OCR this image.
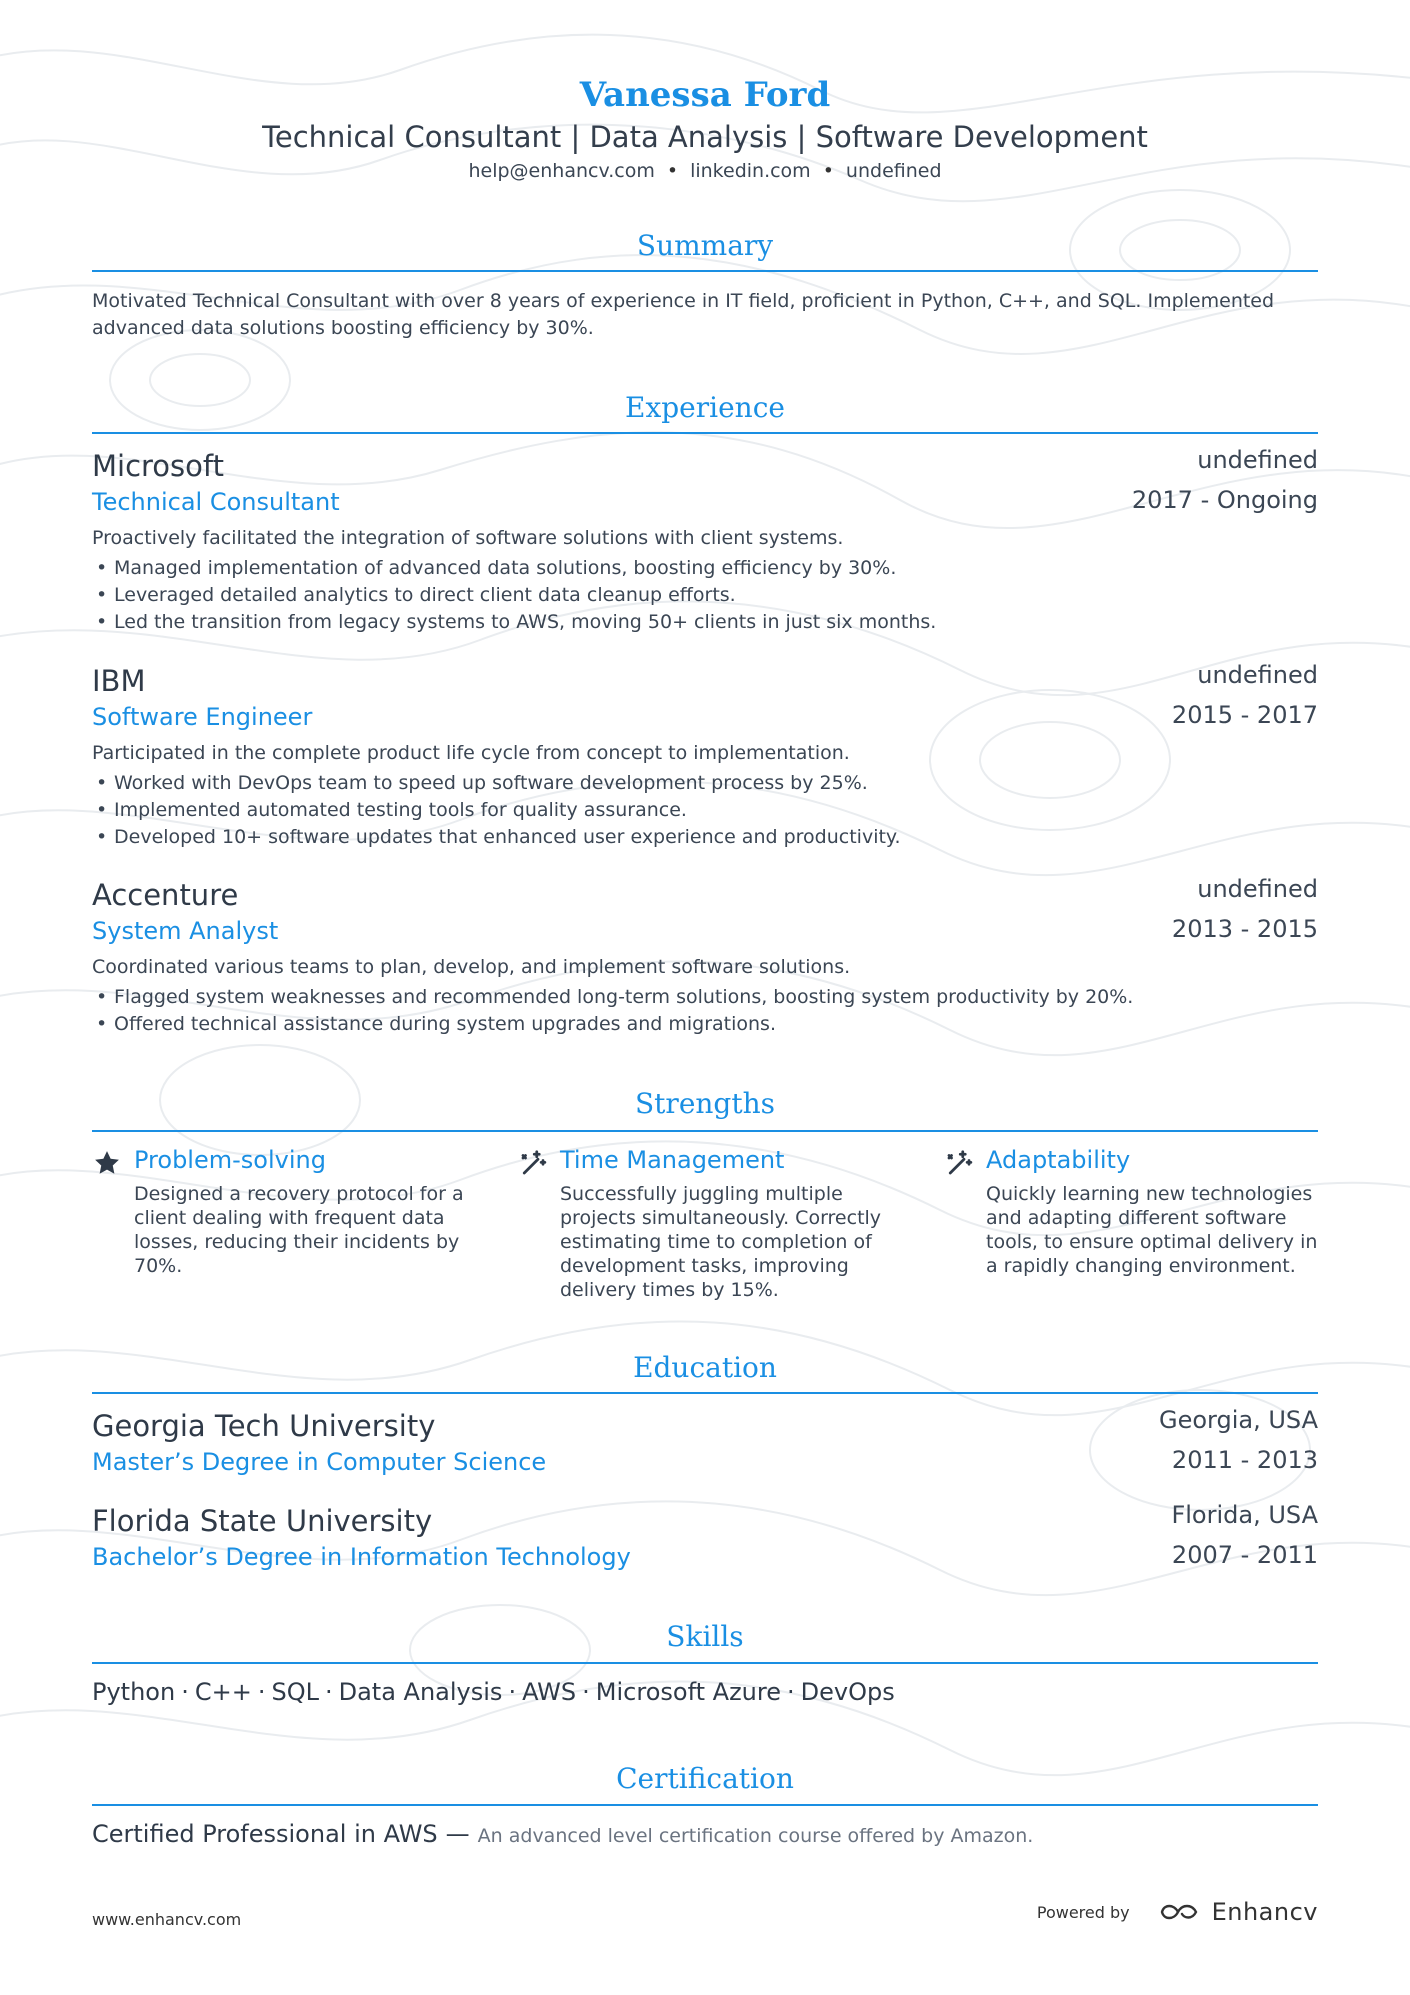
Vanessa Ford
Technical Consultant | Data Analysis | Software Development
help@enhancv.com • linkedin.com • undefined
Summary
Motivated Technical Consultant with over 8 years of experience in IT field, proficient in Python, C++, and SQL. Implemented advanced data solutions boosting efficiency by 30%.
Experience
Microsoft	undefined
Technical Consultant	2017 - Ongoing
Proactively facilitated the integration of software solutions with client systems.
• Managed implementation of advanced data solutions, boosting efficiency by 30%.
• Leveraged detailed analytics to direct client data cleanup efforts.
• Led the transition from legacy systems to AWS, moving 50+ clients in just six months.
IBM	undefined
Software Engineer	2015 - 2017
Participated in the complete product life cycle from concept to implementation.
• Worked with DevOps team to speed up software development process by 25%.
• Implemented automated testing tools for quality assurance.
• Developed 10+ software updates that enhanced user experience and productivity.
Accenture	undefined
System Analyst	2013 - 2015
Coordinated various teams to plan, develop, and implement software solutions.
• Flagged system weaknesses and recommended long-term solutions, boosting system productivity by 20%.
• Offered technical assistance during system upgrades and migrations.
Strengths
Problem-solving
Designed a recovery protocol for a client dealing with frequent data losses, reducing their incidents by 70%.
Time Management
Successfully juggling multiple projects simultaneously. Correctly estimating time to completion of development tasks, improving delivery times by 15%.
Adaptability
Quickly learning new technologies and adapting different software tools, to ensure optimal delivery in a rapidly changing environment.
Education
Georgia Tech University	Georgia, USA
Master’s Degree in Computer Science	2011 - 2013
Florida State University	Florida, USA
Bachelor’s Degree in Information Technology	2007 - 2011
Skills
Python · C++ · SQL · Data Analysis · AWS · Microsoft Azure · DevOps
Certification
Certified Professional in AWS — An advanced level certification course offered by Amazon.
www.enhancv.com	Powered by	Enhancv
